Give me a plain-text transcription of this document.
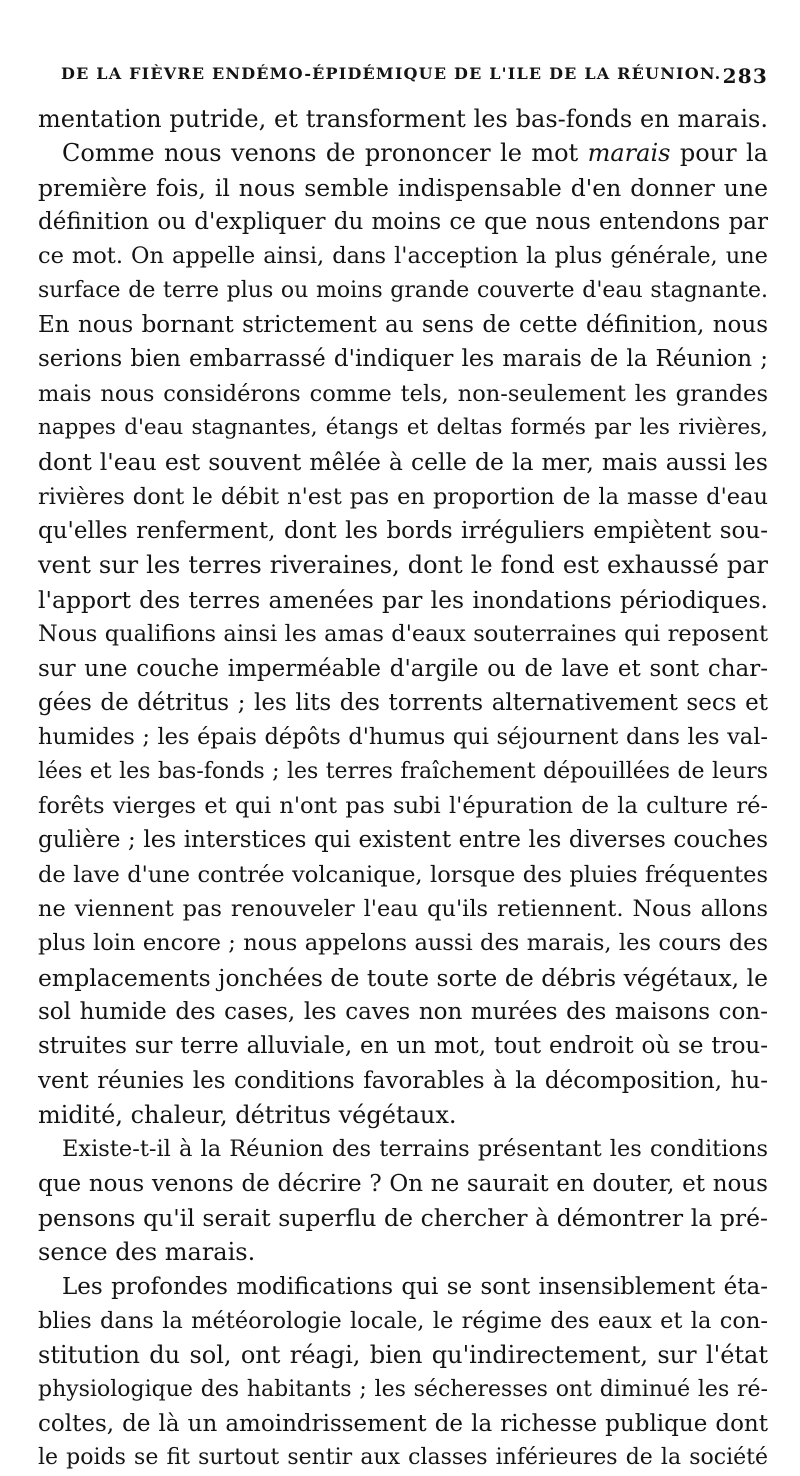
DE LA FIÈVRE ENDÉMO-ÉPIDÉMIQUE DE L'ILE DE LA RÉUNION. 283
mentation putride, et transforment les bas-fonds en marais.
Comme nous venons de prononcer le mot marais pour la
première fois, il nous semble indispensable d'en donner une
définition ou d'expliquer du moins ce que nous entendons par
ce mot. On appelle ainsi, dans l'acception la plus générale, une
surface de terre plus ou moins grande couverte d'eau stagnante.
En nous bornant strictement au sens de cette définition, nous
serions bien embarrassé d'indiquer les marais de la Réunion ;
mais nous considérons comme tels, non-seulement les grandes
nappes d'eau stagnantes, étangs et deltas formés par les rivières,
dont l'eau est souvent mêlée à celle de la mer, mais aussi les
rivières dont le débit n'est pas en proportion de la masse d'eau
qu'elles renferment, dont les bords irréguliers empiètent sou-
vent sur les terres riveraines, dont le fond est exhaussé par
l'apport des terres amenées par les inondations périodiques.
Nous qualifions ainsi les amas d'eaux souterraines qui reposent
sur une couche imperméable d'argile ou de lave et sont char-
gées de détritus ; les lits des torrents alternativement secs et
humides ; les épais dépôts d'humus qui séjournent dans les val-
lées et les bas-fonds ; les terres fraîchement dépouillées de leurs
forêts vierges et qui n'ont pas subi l'épuration de la culture ré-
gulière ; les interstices qui existent entre les diverses couches
de lave d'une contrée volcanique, lorsque des pluies fréquentes
ne viennent pas renouveler l'eau qu'ils retiennent. Nous allons
plus loin encore ; nous appelons aussi des marais, les cours des
emplacements jonchées de toute sorte de débris végétaux, le
sol humide des cases, les caves non murées des maisons con-
struites sur terre alluviale, en un mot, tout endroit où se trou-
vent réunies les conditions favorables à la décomposition, hu-
midité, chaleur, détritus végétaux.
Existe-t-il à la Réunion des terrains présentant les conditions
que nous venons de décrire ? On ne saurait en douter, et nous
pensons qu'il serait superflu de chercher à démontrer la pré-
sence des marais.
Les profondes modifications qui se sont insensiblement éta-
blies dans la météorologie locale, le régime des eaux et la con-
stitution du sol, ont réagi, bien qu'indirectement, sur l'état
physiologique des habitants ; les sécheresses ont diminué les ré-
coltes, de là un amoindrissement de la richesse publique dont
le poids se fit surtout sentir aux classes inférieures de la société
